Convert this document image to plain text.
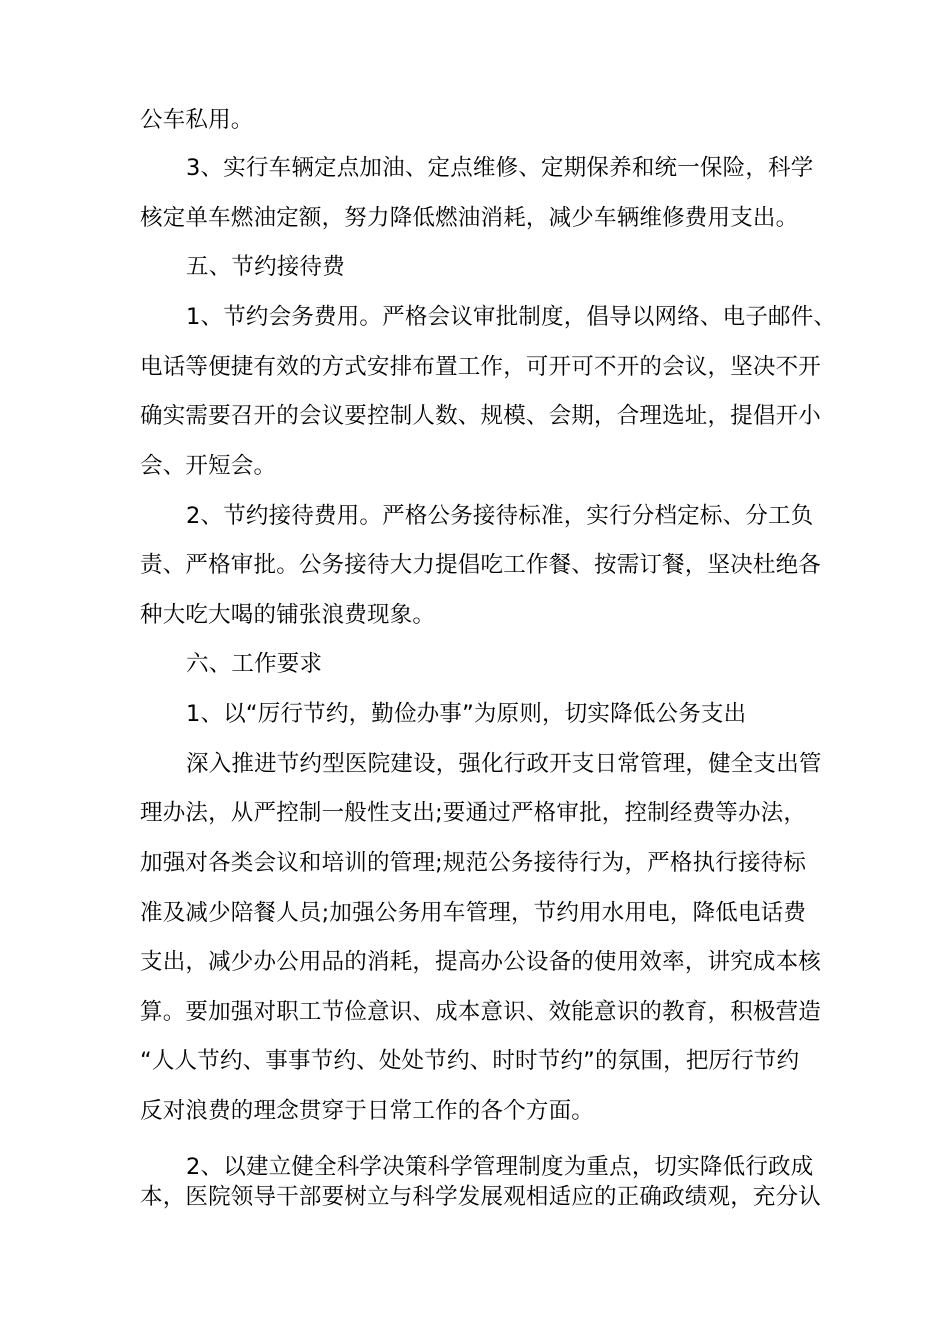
公车私用。
3、实行车辆定点加油、定点维修、定期保养和统一保险，科学
核定单车燃油定额，努力降低燃油消耗，减少车辆维修费用支出。
五、节约接待费
1、节约会务费用。严格会议审批制度，倡导以网络、电子邮件、
电话等便捷有效的方式安排布置工作，可开可不开的会议，坚决不开
确实需要召开的会议要控制人数、规模、会期，合理选址，提倡开小
会、开短会。
2、节约接待费用。严格公务接待标准，实行分档定标、分工负
责、严格审批。公务接待大力提倡吃工作餐、按需订餐，坚决杜绝各
种大吃大喝的铺张浪费现象。
六、工作要求
1、以“厉行节约，勤俭办事”为原则，切实降低公务支出
深入推进节约型医院建设，强化行政开支日常管理，健全支出管
理办法，从严控制一般性支出;要通过严格审批，控制经费等办法，
加强对各类会议和培训的管理;规范公务接待行为，严格执行接待标
准及减少陪餐人员;加强公务用车管理，节约用水用电，降低电话费
支出，减少办公用品的消耗，提高办公设备的使用效率，讲究成本核
算。要加强对职工节俭意识、成本意识、效能意识的教育，积极营造
“人人节约、事事节约、处处节约、时时节约”的氛围，把厉行节约
反对浪费的理念贯穿于日常工作的各个方面。
2、以建立健全科学决策科学管理制度为重点，切实降低行政成
本，医院领导干部要树立与科学发展观相适应的正确政绩观，充分认
